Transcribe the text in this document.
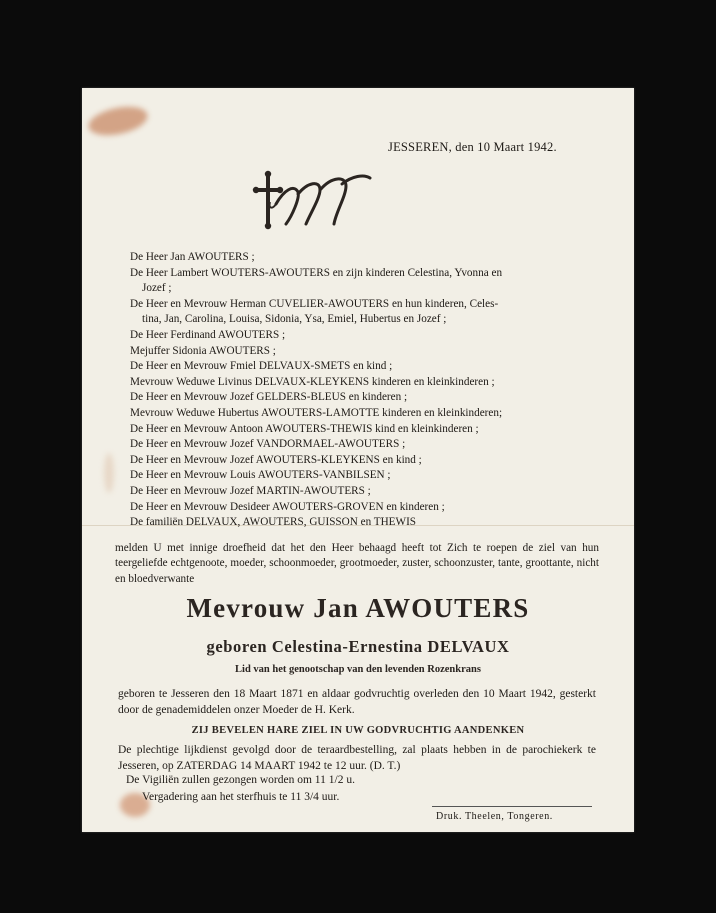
JESSEREN, den 10 Maart 1942.
De Heer Jan AWOUTERS ;
De Heer Lambert WOUTERS-AWOUTERS en zijn kinderen Celestina, Yvonna en
Jozef ;
De Heer en Mevrouw Herman CUVELIER-AWOUTERS en hun kinderen, Celes-
tina, Jan, Carolina, Louisa, Sidonia, Ysa, Emiel, Hubertus en Jozef ;
De Heer Ferdinand AWOUTERS ;
Mejuffer Sidonia AWOUTERS ;
De Heer en Mevrouw Fmiel DELVAUX-SMETS en kind ;
Mevrouw Weduwe Livinus DELVAUX-KLEYKENS kinderen en kleinkinderen ;
De Heer en Mevrouw Jozef GELDERS-BLEUS en kinderen ;
Mevrouw Weduwe Hubertus AWOUTERS-LAMOTTE kinderen en kleinkinderen;
De Heer en Mevrouw Antoon AWOUTERS-THEWIS kind en kleinkinderen ;
De Heer en Mevrouw Jozef VANDORMAEL-AWOUTERS ;
De Heer en Mevrouw Jozef AWOUTERS-KLEYKENS en kind ;
De Heer en Mevrouw Louis AWOUTERS-VANBILSEN ;
De Heer en Mevrouw Jozef MARTIN-AWOUTERS ;
De Heer en Mevrouw Desideer AWOUTERS-GROVEN en kinderen ;
De familiën DELVAUX, AWOUTERS, GUISSON en THEWIS
melden U met innige droefheid dat het den Heer behaagd heeft tot Zich te roepen de ziel van hun teergeliefde echtgenoote, moeder, schoonmoeder, grootmoeder, zuster, schoonzuster, tante, groottante, nicht en bloedverwante
Mevrouw Jan AWOUTERS
geboren Celestina-Ernestina DELVAUX
Lid van het genootschap van den levenden Rozenkrans
geboren te Jesseren den 18 Maart 1871 en aldaar godvruchtig overleden den 10 Maart 1942, gesterkt door de genademiddelen onzer Moeder de H. Kerk.
ZIJ BEVELEN HARE ZIEL IN UW GODVRUCHTIG AANDENKEN
De plechtige lijkdienst gevolgd door de teraardbestelling, zal plaats hebben in de parochiekerk te Jesseren, op ZATERDAG 14 MAART 1942 te 12 uur. (D. T.)
De Vigiliën zullen gezongen worden om 11 1/2 u.
Vergadering aan het sterfhuis te 11 3/4 uur.
Druk. Theelen, Tongeren.
